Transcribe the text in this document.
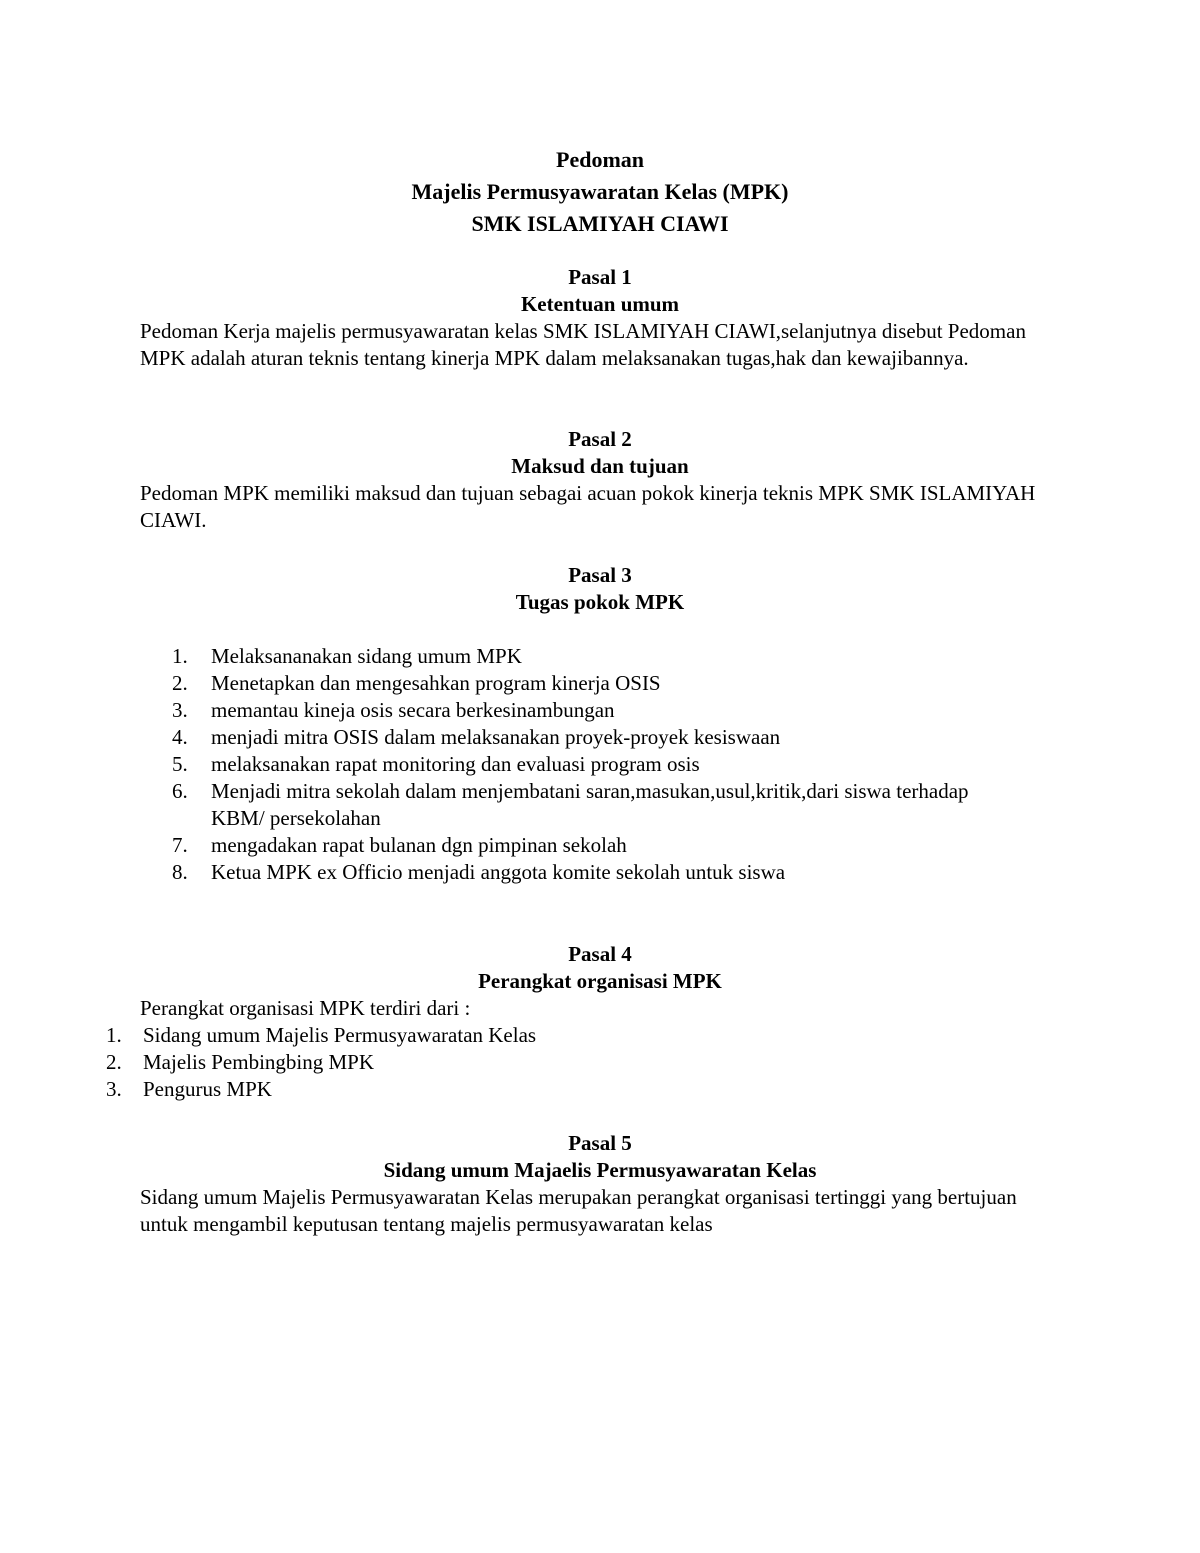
Pedoman
Majelis Permusyawaratan Kelas (MPK)
SMK ISLAMIYAH CIAWI
Pasal 1
Ketentuan umum
Pedoman Kerja majelis permusyawaratan kelas SMK ISLAMIYAH CIAWI,selanjutnya disebut Pedoman MPK adalah aturan teknis tentang kinerja MPK dalam melaksanakan tugas,hak dan kewajibannya.
Pasal 2
Maksud dan tujuan
Pedoman MPK memiliki maksud dan tujuan sebagai acuan pokok kinerja teknis MPK SMK ISLAMIYAH CIAWI.
Pasal 3
Tugas pokok MPK
1.	Melaksananakan sidang umum MPK
2.	Menetapkan dan mengesahkan program kinerja OSIS
3.	memantau kineja osis secara berkesinambungan
4.	menjadi mitra OSIS dalam melaksanakan proyek-proyek kesiswaan
5.	melaksanakan rapat monitoring dan evaluasi program osis
6.	Menjadi mitra sekolah dalam menjembatani saran,masukan,usul,kritik,dari siswa terhadap KBM/ persekolahan
7.	mengadakan rapat bulanan dgn pimpinan sekolah
8.	Ketua MPK ex Officio menjadi anggota komite sekolah untuk siswa
Pasal 4
Perangkat organisasi MPK
Perangkat organisasi MPK terdiri dari :
1.	Sidang umum Majelis Permusyawaratan Kelas
2.	Majelis Pembingbing MPK
3.	Pengurus MPK
Pasal 5
Sidang umum Majaelis Permusyawaratan Kelas
Sidang umum Majelis Permusyawaratan Kelas merupakan perangkat organisasi tertinggi yang bertujuan untuk mengambil keputusan tentang majelis permusyawaratan kelas
